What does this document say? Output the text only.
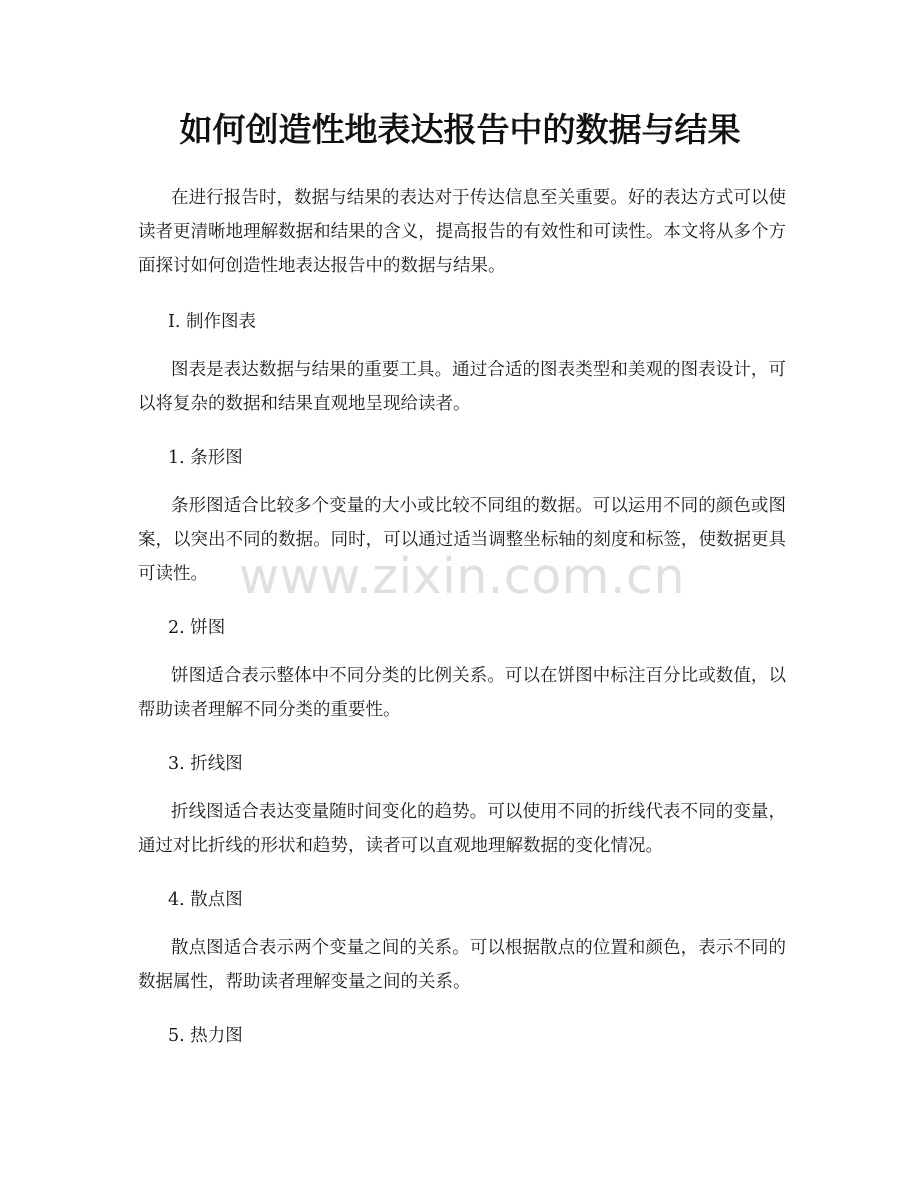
如何创造性地表达报告中的数据与结果

在进行报告时，数据与结果的表达对于传达信息至关重要。好的表达方式可以使读者更清晰地理解数据和结果的含义，提高报告的有效性和可读性。本文将从多个方面探讨如何创造性地表达报告中的数据与结果。

I. 制作图表

图表是表达数据与结果的重要工具。通过合适的图表类型和美观的图表设计，可以将复杂的数据和结果直观地呈现给读者。

1. 条形图

条形图适合比较多个变量的大小或比较不同组的数据。可以运用不同的颜色或图案，以突出不同的数据。同时，可以通过适当调整坐标轴的刻度和标签，使数据更具可读性。

2. 饼图

饼图适合表示整体中不同分类的比例关系。可以在饼图中标注百分比或数值，以帮助读者理解不同分类的重要性。

3. 折线图

折线图适合表达变量随时间变化的趋势。可以使用不同的折线代表不同的变量，通过对比折线的形状和趋势，读者可以直观地理解数据的变化情况。

4. 散点图

散点图适合表示两个变量之间的关系。可以根据散点的位置和颜色，表示不同的数据属性，帮助读者理解变量之间的关系。

5. 热力图

www.zixin.com.cn
